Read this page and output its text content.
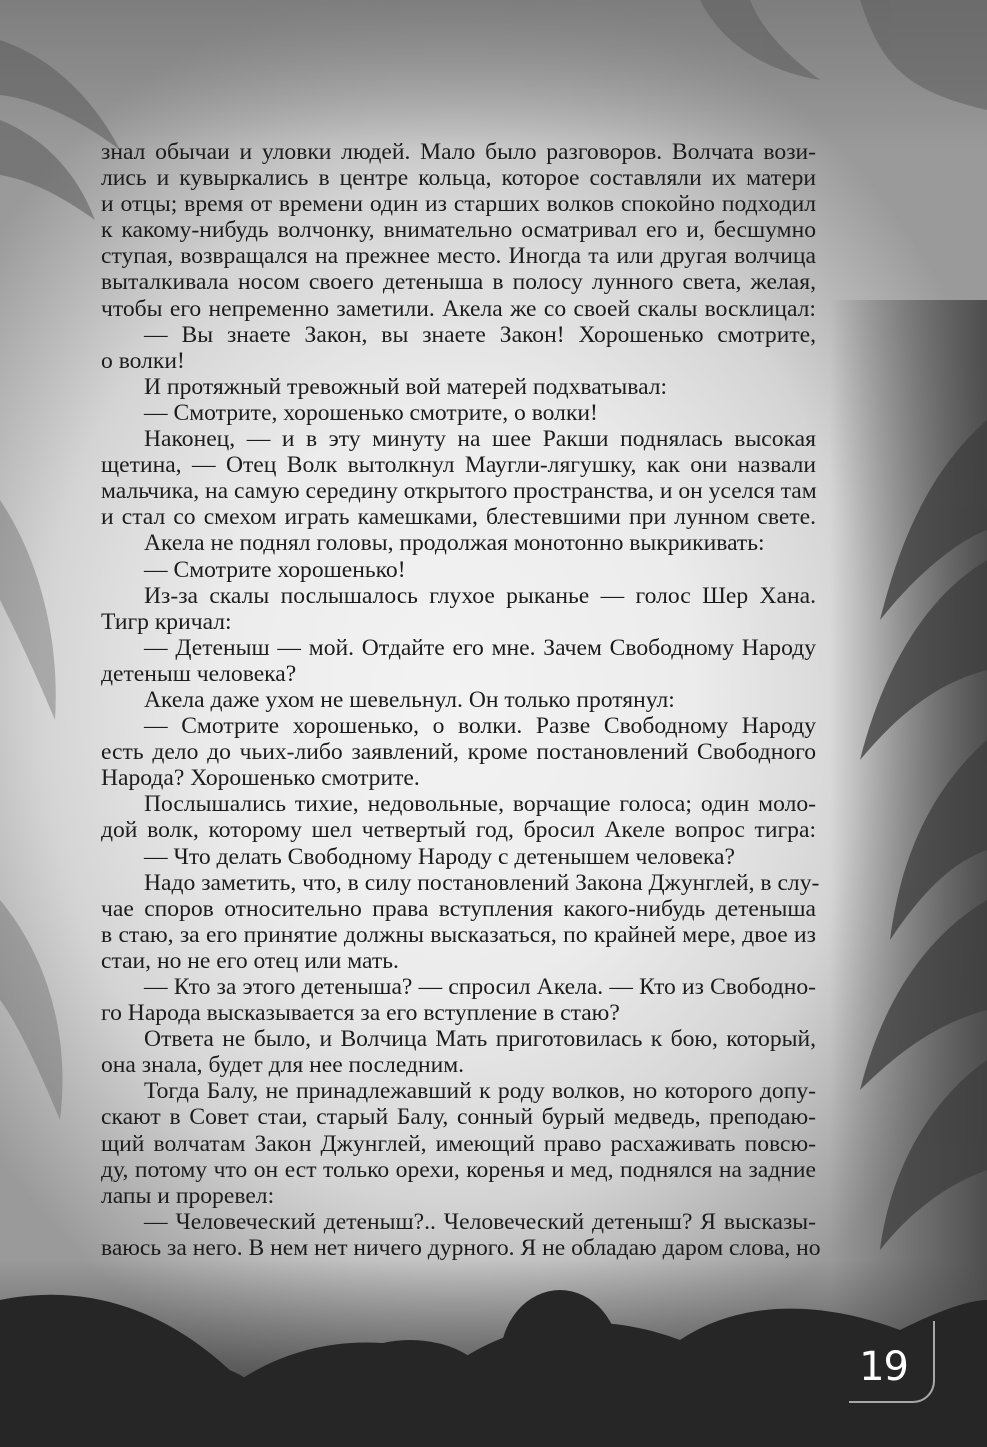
знал обычаи и уловки людей. Мало было разговоров. Волчата вози-
лись и кувыркались в центре кольца, которое составляли их матери
и отцы; время от времени один из старших волков спокойно подходил
к какому-нибудь волчонку, внимательно осматривал его и, бесшумно
ступая, возвращался на прежнее место. Иногда та или другая волчица
выталкивала носом своего детеныша в полосу лунного света, желая,
чтобы его непременно заметили. Акела же со своей скалы восклицал:
— Вы знаете Закон, вы знаете Закон! Хорошенько смотрите,
о волки!
И протяжный тревожный вой матерей подхватывал:
— Смотрите, хорошенько смотрите, о волки!
Наконец, — и в эту минуту на шее Ракши поднялась высокая
щетина, — Отец Волк вытолкнул Маугли-лягушку, как они назвали
мальчика, на самую середину открытого пространства, и он уселся там
и стал со смехом играть камешками, блестевшими при лунном свете.
Акела не поднял головы, продолжая монотонно выкрикивать:
— Смотрите хорошенько!
Из-за скалы послышалось глухое рыканье — голос Шер Хана.
Тигр кричал:
— Детеныш — мой. Отдайте его мне. Зачем Свободному Народу
детеныш человека?
Акела даже ухом не шевельнул. Он только протянул:
— Смотрите хорошенько, о волки. Разве Свободному Народу
есть дело до чьих-либо заявлений, кроме постановлений Свободного
Народа? Хорошенько смотрите.
Послышались тихие, недовольные, ворчащие голоса; один моло-
дой волк, которому шел четвертый год, бросил Акеле вопрос тигра:
— Что делать Свободному Народу с детенышем человека?
Надо заметить, что, в силу постановлений Закона Джунглей, в слу-
чае споров относительно права вступления какого-нибудь детеныша
в стаю, за его принятие должны высказаться, по крайней мере, двое из
стаи, но не его отец или мать.
— Кто за этого детеныша? — спросил Акела. — Кто из Свободно-
го Народа высказывается за его вступление в стаю?
Ответа не было, и Волчица Мать приготовилась к бою, который,
она знала, будет для нее последним.
Тогда Балу, не принадлежавший к роду волков, но которого допу-
скают в Совет стаи, старый Балу, сонный бурый медведь, преподаю-
щий волчатам Закон Джунглей, имеющий право расхаживать повсю-
ду, потому что он ест только орехи, коренья и мед, поднялся на задние
лапы и проревел:
— Человеческий детеныш?.. Человеческий детеныш? Я высказы-
ваюсь за него. В нем нет ничего дурного. Я не обладаю даром слова, но
19
